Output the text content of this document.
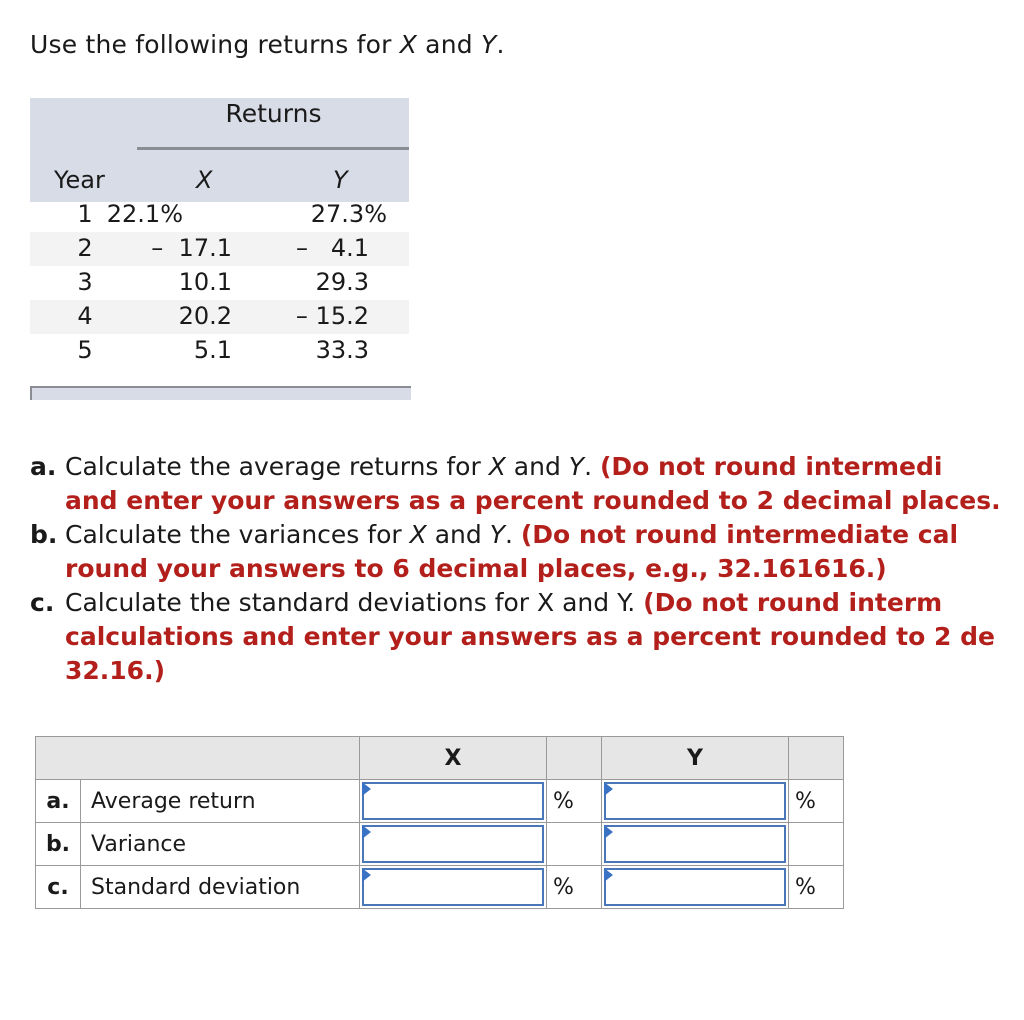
Use the following returns for X and Y.
Returns
Year	X	Y
1 22.1%	27.3%
2	–  17.1	–   4.1
3	10.1	29.3
4	20.2	– 15.2
5	5.1	33.3
a. Calculate the average returns for X and Y. (Do not round intermedi
and enter your answers as a percent rounded to 2 decimal places.
b. Calculate the variances for X and Y. (Do not round intermediate cal
round your answers to 6 decimal places, e.g., 32.161616.)
c. Calculate the standard deviations for X and Y. (Do not round interm
calculations and enter your answers as a percent rounded to 2 de
32.16.)
		X		Y	
a.	Average return		%		%
b.	Variance	

c.	Standard deviation		%		%
